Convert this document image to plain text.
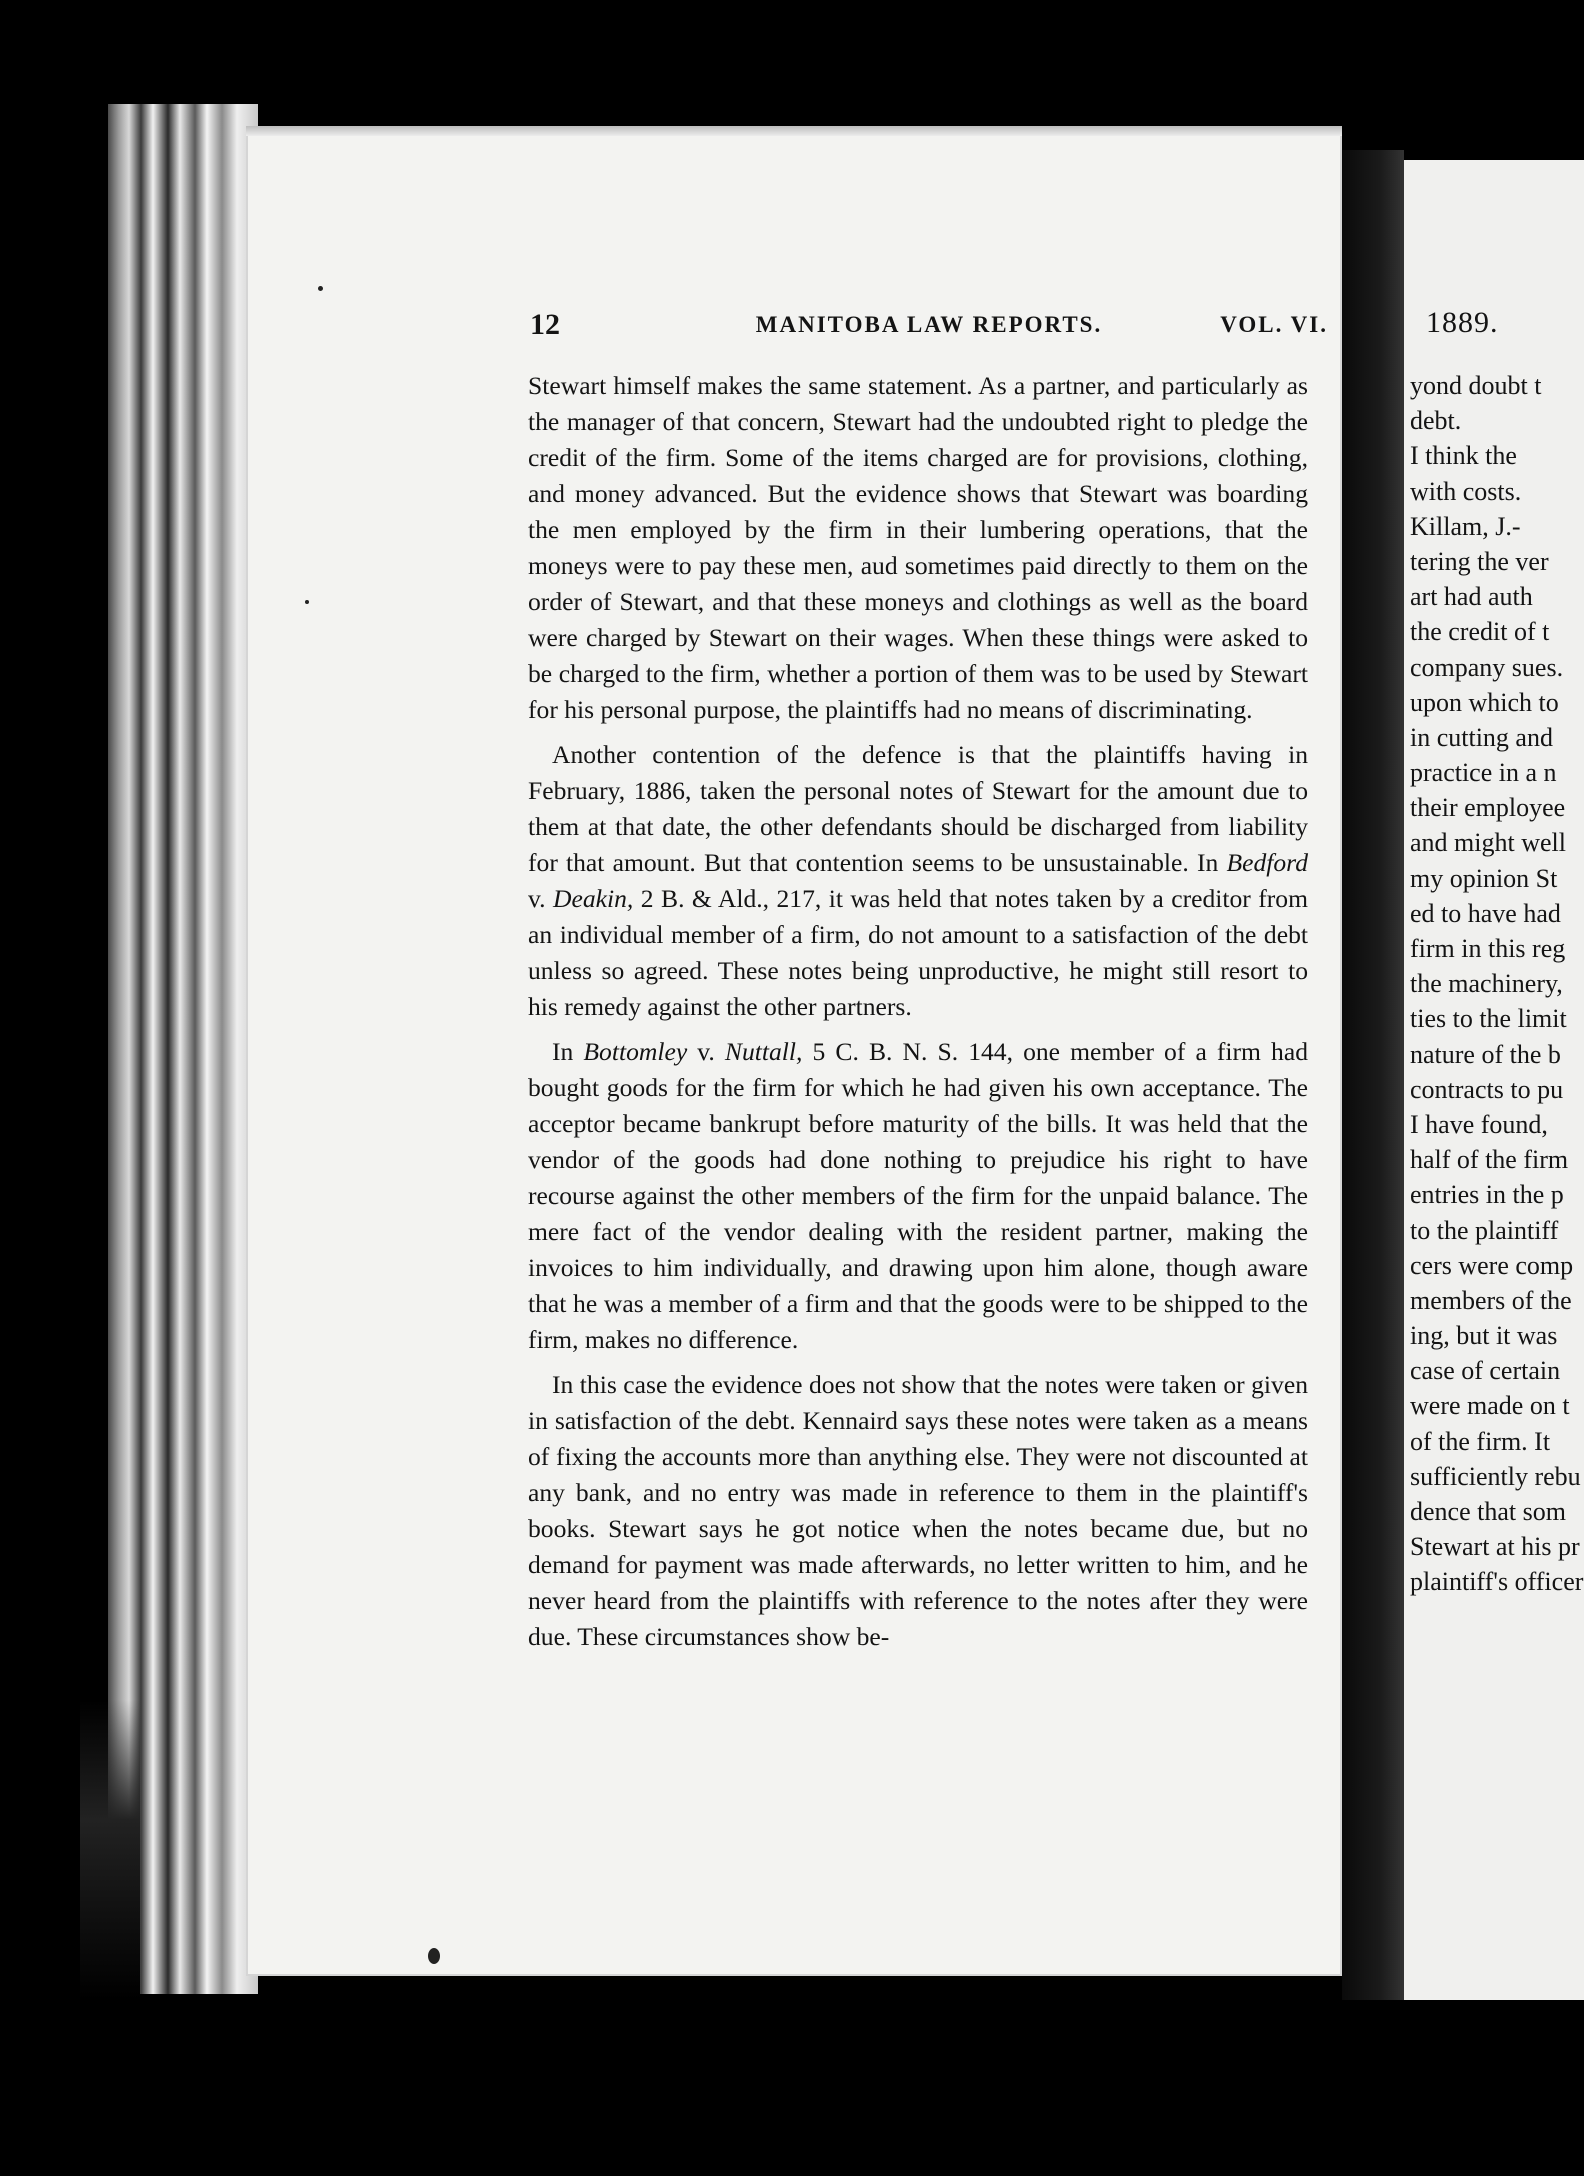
1889.
yond doubt t
debt.
I think the
with costs.
Killam, J.-
tering the ver
art had auth
the credit of t
company sues.
upon which to
in cutting and
practice in a n
their employee
and might well
my opinion St
ed to have had
firm in this reg
the machinery,
ties to the limit
nature of the b
contracts to pu
I have found,
half of the firm
entries in the p
to the plaintiff
cers were comp
members of the
ing, but it was
case of certain
were made on t
of the firm. It
sufficiently rebu
dence that som
Stewart at his pr
plaintiff's officer
12	MANITOBA LAW REPORTS.	VOL. VI.

Stewart himself makes the same statement. As a partner, and particularly as the manager of that concern, Stewart had the undoubted right to pledge the credit of the firm. Some of the items charged are for provisions, clothing, and money advanced. But the evidence shows that Stewart was boarding the men employed by the firm in their lumbering operations, that the moneys were to pay these men, aud sometimes paid directly to them on the order of Stewart, and that these moneys and clothings as well as the board were charged by Stewart on their wages. When these things were asked to be charged to the firm, whether a portion of them was to be used by Stewart for his personal purpose, the plaintiffs had no means of discriminating.

Another contention of the defence is that the plaintiffs having in February, 1886, taken the personal notes of Stewart for the amount due to them at that date, the other defendants should be discharged from liability for that amount. But that contention seems to be unsustainable. In Bedford v. Deakin, 2 B. & Ald., 217, it was held that notes taken by a creditor from an individual member of a firm, do not amount to a satisfaction of the debt unless so agreed. These notes being unproductive, he might still resort to his remedy against the other partners.

In Bottomley v. Nuttall, 5 C. B. N. S. 144, one member of a firm had bought goods for the firm for which he had given his own acceptance. The acceptor became bankrupt before maturity of the bills. It was held that the vendor of the goods had done nothing to prejudice his right to have recourse against the other members of the firm for the unpaid balance. The mere fact of the vendor dealing with the resident partner, making the invoices to him individually, and drawing upon him alone, though aware that he was a member of a firm and that the goods were to be shipped to the firm, makes no difference.

In this case the evidence does not show that the notes were taken or given in satisfaction of the debt. Kennaird says these notes were taken as a means of fixing the accounts more than anything else. They were not discounted at any bank, and no entry was made in reference to them in the plaintiff's books. Stewart says he got notice when the notes became due, but no demand for payment was made afterwards, no letter written to him, and he never heard from the plaintiffs with reference to the notes after they were due. These circumstances show be-
